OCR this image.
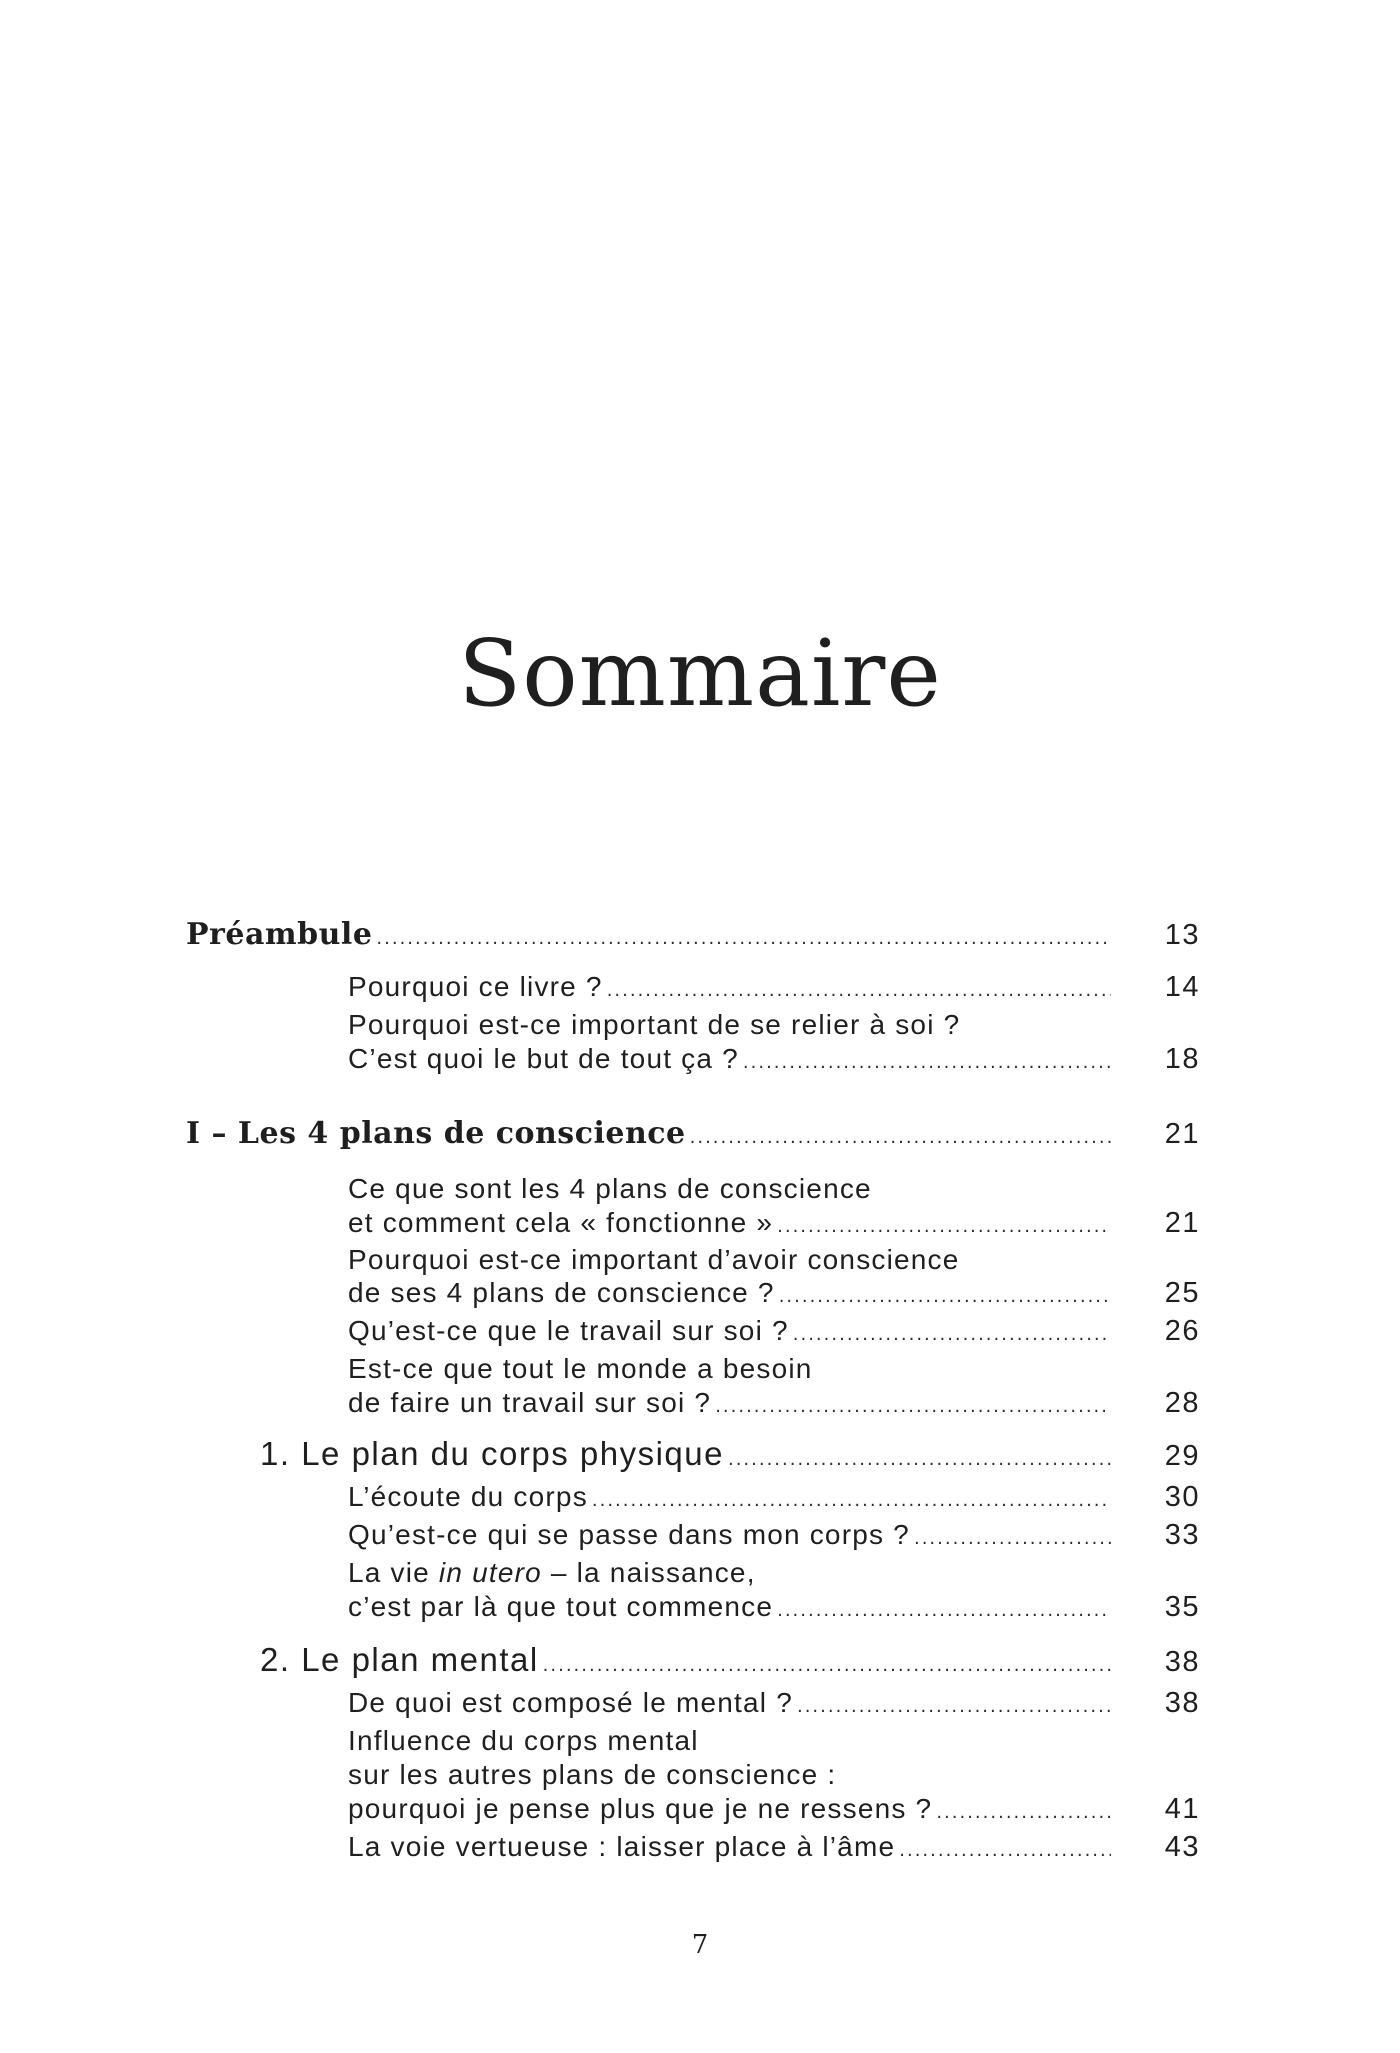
Sommaire
Préambule .....	13
Pourquoi ce livre ? .....	14
Pourquoi est-ce important de se relier à soi ?
C’est quoi le but de tout ça ? .....	18
I – Les 4 plans de conscience .....	21
Ce que sont les 4 plans de conscience
et comment cela « fonctionne » .....	21
Pourquoi est-ce important d’avoir conscience
de ses 4 plans de conscience ? .....	25
Qu’est-ce que le travail sur soi ? .....	26
Est-ce que tout le monde a besoin
de faire un travail sur soi ? .....	28
1. Le plan du corps physique .....	29
L’écoute du corps .....	30
Qu’est-ce qui se passe dans mon corps ? .....	33
La vie in utero – la naissance,
c’est par là que tout commence .....	35
2. Le plan mental .....	38
De quoi est composé le mental ? .....	38
Influence du corps mental
sur les autres plans de conscience :
pourquoi je pense plus que je ne ressens ? .....	41
La voie vertueuse : laisser place à l’âme .....	43
7
